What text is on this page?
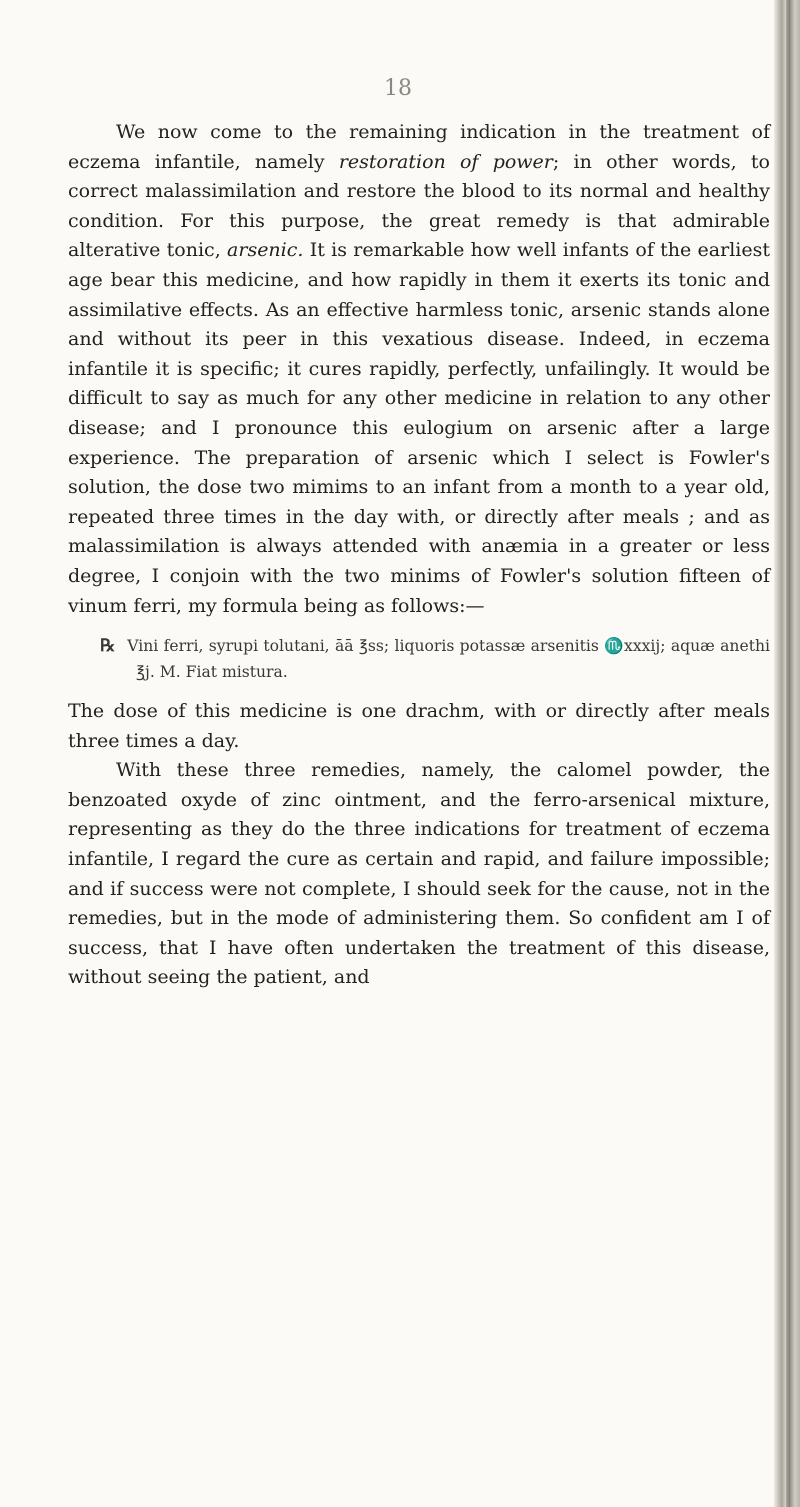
18

We now come to the remaining indication in the treatment of eczema infantile, namely restoration of power; in other words, to correct malassimilation and restore the blood to its normal and healthy condition. For this purpose, the great remedy is that admirable alterative tonic, arsenic. It is remarkable how well infants of the earliest age bear this medicine, and how rapidly in them it exerts its tonic and assimilative effects. As an effective harmless tonic, arsenic stands alone and without its peer in this vexatious disease. Indeed, in eczema infantile it is specific; it cures rapidly, perfectly, unfailingly. It would be difficult to say as much for any other medicine in relation to any other disease; and I pronounce this eulogium on arsenic after a large experience. The preparation of arsenic which I select is Fowler's solution, the dose two mimims to an infant from a month to a year old, repeated three times in the day with, or directly after meals ; and as malassimilation is always attended with anæmia in a greater or less degree, I conjoin with the two minims of Fowler's solution fifteen of vinum ferri, my formula being as follows:—

℞ Vini ferri, syrupi tolutani, āā ℥ss; liquoris potassæ arsenitis ♏xxxij; aquæ anethi ℥j. M. Fiat mistura.

The dose of this medicine is one drachm, with or directly after meals three times a day.

With these three remedies, namely, the calomel powder, the benzoated oxyde of zinc ointment, and the ferro-arsenical mixture, representing as they do the three indications for treatment of eczema infantile, I regard the cure as certain and rapid, and failure impossible; and if success were not complete, I should seek for the cause, not in the remedies, but in the mode of administering them. So confident am I of success, that I have often undertaken the treatment of this disease, without seeing the patient, and
